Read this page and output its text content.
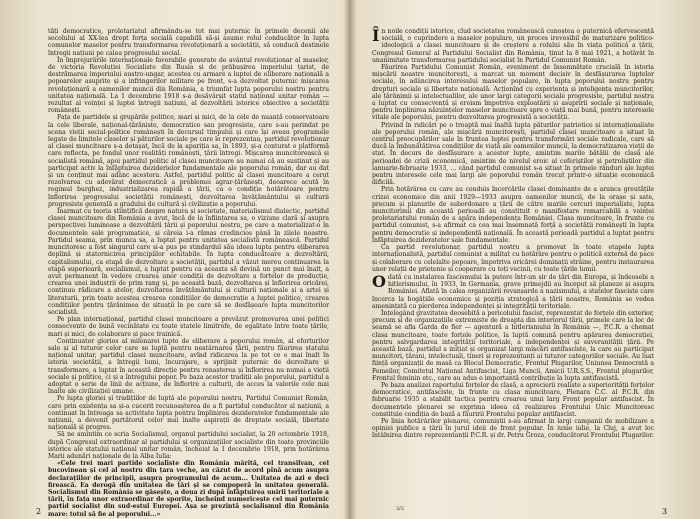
tăți democratice, proletariatul afirmându-se tot mai puternic în primele decenii ale secolului al XX-lea drept forța socială capabilă să-și asume rolul conducător în lupta comunelor maselor pentru transformarea revoluționară a societății, să conducă destinele întregii națiuni pe calea progresului social.

În împrejurările internaționale favorabile generate de avântul revoluționar al maselor, de victoria Revoluției Socialiste din Rusia și de prăbușirea imperiului țarist, de destrămarea imperiului austro-ungar, acestea cu armare a luptei de eliberare națională a popoarelor asuprite și a infringerilor militare pe front, s-a dezvoltat puternic mișcarea revoluționară a oamenilor muncii din România, a triumfat lupta poporului nostru pentru unitatea națională. La 1 decembrie 1918 s-a desăvârșit statul național unitar român — rezultat al voinței și luptei întregii națiuni, al dezvoltării istorice obiective a societății românești.

Fața de partidele și grupările politice, mari și mici, de la cele de nuanță conservatoare la cele liberale, național-țărăniste, democratice sau progresiste, care s-au perindat pe scena vieții social-politice românești în decursul timpului și care își aveau programele legate de limitele claselor și păturilor sociale pe care le reprezentau, partidul revoluționar al clasei muncitoare s-a detașat, încă de la apariția sa, în 1893, și-a conturat o platformă care reflecta, pe fondul unor realități românești, țării întregi. Mișcarea muncitorească și socialistă română, apoi partidul politic al clasei muncitoare au numai că au susținut și au participat activ la înfăptuirea deziderielor fundamentale ale poporului român, dar au dat și un conținut mai adânc acestora. Astfel, partidul politic al clasei muncitoare a cerut rezolvarea cu adevărat democratică a problemei agrar-țărănești, deoarece acută în regimul burghez, industrializarea rapidă a țării, ca o condiție hotărâtoare pentru înflorirea progresului societății românești, dezvoltarea învățământului și culturii progresiste generală a gradului de cultură și civilizație a poporului.

Înarmat cu teoria științifică despre natura și societate, materialismul dialectic, partidul clasei muncitoare din România a avut, încă de la înființarea sa, o viziune clară și asupra perspectivei luminoase a dezvoltării țării și poporului nostru, pe care a materializat-o în documentele sale programatice, și căreia i-a rămas credincios până în zilele noastre. Partidul seama, prin munca sa, a luptat pentru unitatea socialistă românească. Partidul muncitoresc a fost singurul care și-a pus pe stindardul său ideea lupta pentru eliberarea deplină și statornicirea principiilor echitabile. În lupta conducătoare a dezvoltării, capitalismului, ca etapă de dezvoltare a societății, partidul a văzut mereu continuarea la etapă superioară, socialismul, a luptat pentru ca aceasta să devină un punct mai înalt, a avut permanent în vedere crearea unor condiții de dezvoltare a forțelor de producție, crearea unei industrii de prim rang și, pe această bază, dezvoltarea și înflorirea oricărei, continuu rădicare a atelor, dezvoltarea învățământului și culturii naționale și a artei și literaturii, prin toate acestea crearea condițiilor de democrație a luptei politice, crearea condițiilor pentru țărănimea de situații în pe care să se desfășoare lupta muncitorilor socialistă.

Pe plan internațional, partidul clasei muncitoare a prevăzut promovarea unei politici consecvente de bună vecinătate cu toate statele limitrofe, de egalitate între toate țările, mari și mici, de colaborare și pace trainică.

Continuator glorios al milenarei lupte de eliberare a poporului român, al eforturilor sale și al tuturor celor care se luptă pentru neatârnarea țării, pentru făurirea statului național unitar, partidul clasei muncitoare, avînd ridicarea la pe tot ce e mai înalt în istoria societății, a întregii lumi, încurajare, a sprijinit puternic de dezvoltare și transformare, a luptat în această direcție pentru renașterea și înflorirea nu numai a vieții sociale și politice, ci și a întregului popor. Pe baza acestor tradiții ale poporului, partidul a adoptat o serie de linii de acțiune, de înflorire a culturii, de acces la valorile cele mai înalte ale civilizației umane.

Pe lupta gloriei și tradițiilor de luptă ale poporului nostru, Partidul Comunist Român, care prin existența sa și-a cucerit recunoașterea de a fi partidul conducător al națiunii, a continuat în întreaga sa activitate lupta pentru împlinirea dezideratelor fundamentale ale națiunii, a devenit purtătorul celor mai înalte aspirații de dreptate socială, libertate națională și progres.

Sā ne amintim ce scria Socialismul, organul partidului socialist, la 20 octombrie 1918, după Congresul extraordinar al partidului și organizațiilor socialiste din toate provinciile istorice ale statului național unitar român, încheiat la 1 decembrie 1918, prin hotărârea Marii adunări naționale de la Alba Iulia:

«Cele trei mari partide socialiste din România mărită, cel transilvan, cel bucovinean și cel al nostru din țara veche, au căzut de acord pînă acum asupra declarațiilor de principii, asupra programului de acum... Unitatea de azi e deci firească. Ea derogă din unitatea de țări și se compoperă în unitatea generală. Socialismul din România se găsește, a doua zi după înfăptuirea unirii teritoriale a țării, în fața unor extraordinar de sporite, încheind numericește cel mai puternic partid socialist din sud-estul Europei. Așa se prezintă socialismul din România mare: totul să fie al poporului...»

2

În noile condiții istorice, clud societatea românească cunoștea o puternică efervescență socială, o cuprindere a maselor populare, un proces irevesibil de maturizare politico-ideologică a clasei muncitoare și de creștere a rolului său în viața politică a țării, Congresul General al Partidului Socialist din România, ținut la 8 mai 1921, a hotărât în unanimitate transformarea partidului socialist în Partidul Comunist Român.

Făurirea Partidului Comunist Român, eveniment de însemnătate crucială în istoria mișcării noastre muncitorești, a marcat un moment decisiv în desfășurarea luptelor sociale, în adâncirea interesului maselor populare, în lupta poporului nostru pentru drepturi sociale și libertate națională. Acționînd cu experiența și inteligența muncitorilor, ale țărănimii și intelectualilor, ale unor largi categorii sociale progresiste, partidul nostru a luptat cu consecvență și eroism împotriva exploatării și asupririi sociale și naționale, pentru împlinirea năzuințelor maselor muncitoare spre o viață mai bună, pentru interesele vitale ale poporului, pentru dezvoltarea progresistă a societății.

Privind în ridicări pe o treaptă mai înaltă lupta păturilor patriotice și internaționaliste ale poporului român, ale mișcării muncitorești, partidul clasei muncitoare a situat în centrul preocupărilor sale în fruntea luptei pentru transformări sociale radicale, care să ducă la îmbunătățirea condițiilor de viață ale oamenilor muncii, la democratizarea vieții de stat. În decurs de desfășurare a acestor lupte, amintim marile bătălii de clasă ale perioadei de criză economică, amintim de nivelul eroic al ceferiștilor și petroliștilor din ianuarie-februarie 1933, ... când partidul comunist s-a situat în primele rânduri ale luptei pentru interesele cele mai largi ale poporului român trecut printr-o situație economică dificilă.

Prin hotărârea cu care au conduis încercările clasei dominante de a arunca greutățile crizei economice din anii 1929—1933 asupra oamenilor muncii, de la orașe și sate, precum și planurile de subordonare a țării de către marile cercuri imperialiste, lupta muncitorimii din această perioadă au constituit o manifestare remarcabilă a voinței proletariatului român de a apăra independența României. Clasa muncitoare, în frunte cu partidul comunist, s-a afirmat ca cea mai însemnată forță a societății românești în lupta pentru democrație și independență națională. În această perioadă partidul a luptat pentru înfăptuirea dezideratelor sale fundamentale.

Ca partid revoluționar, partidul nostru a promovat în toate etapele lupta internaționalistă, partidul comunist a militat cu hotărâre pentru o politică externă de pace și colaborare cu celelalte popoare, împotriva oricărei dominații străine, pentru instaurarea unor relații de prietenie și cooperare cu toți vecinii, cu toate țările lumii.

Odată cu instalarea fascismului la putere într-un șir de țări din Europa, și îndeosebi a hitlerismului, în 1933, în Germania, grave primejdii au început să planeze și asupra României. Aflată în calea organizării revanșarde a nazismului, a statelor fasciste care încerca la bogățiile economice și poziția strategică a țării noastre, România se vedea amenințată cu pierderea independenței și integrității teritoriale.

Înțelegând gravitatea deosebită a pericolului fascist, reprezentat de forțele din exterior, precum și de organizațiile extremiste de dreapta din interiorul țării, primele care la loc de seamă se afla Garda de fier — agentură a hitlerismului în România —, P.C.R. a chemat clasa muncitoare, toate forțele politice, la luptă comună pentru apărarea democrației, pentru salvgardarea integrității teritoriale, a independenței și suveranității țării. Pe această bază, partidul a inițiat și organizat largi mișcări antifasciste, la care au participat muncitori, țărani, intelectuali, tineri și reprezentanți ai tuturor categoriilor sociale. Au luat ființă organizații de masă ca Blocul Democratic, Frontul Plugarilor, Uniunea Democrată a Femeilor, Comitetul Național Antifascist, Liga Muncii, Amicii U.R.S.S., Frontul plugarilor, Frontul feminin etc., care au adus o importantă contribuție la lupta antifascistă.

Pe baza analizei raportului forțelor de clasă, a aprecierii realiste a superiorității forțelor democratice, antifasciste, în frunte cu clasa muncitoare, Plenara C.C. al P.C.R. din februarie 1935 a stabilit tactica pentru crearea unui larg Front popular antifascist. În documentele plenarei se exprima ideea că realizarea Frontului Unic Muncitoresc constituie condiția de bază a făuririi Frontului popular antifascist.

Pe linia hotărârilor plenarei, comuniștii s-au afirmat în largi campanii de mobilizare a opiniei publice a țării în jurul ideii de front popular. În iunie iulie, la Cluj, a avut loc întâlnirea dintre reprezentanții P.C.R. și dr. Petru Groza, conducătorul Frontului Plugarilor.

3
3/2
